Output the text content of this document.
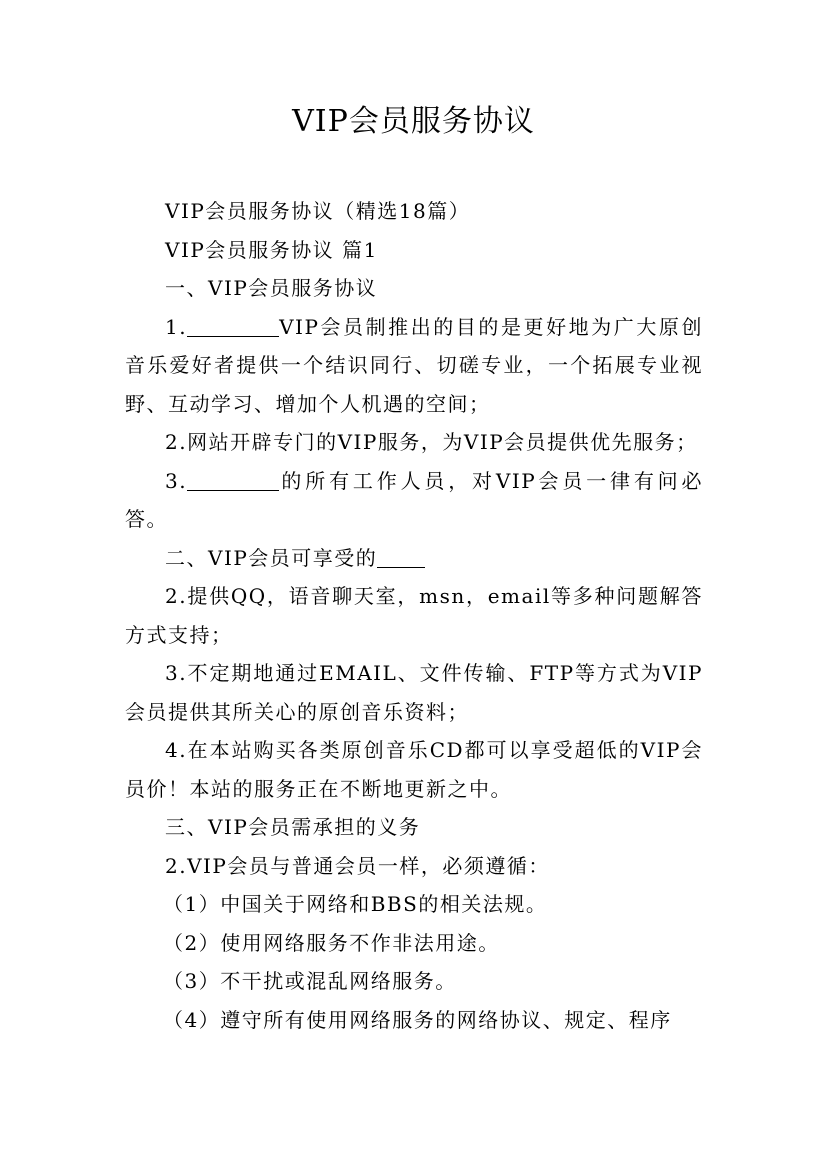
VIP会员服务协议

VIP会员服务协议（精选18篇）

VIP会员服务协议 篇1

一、VIP会员服务协议

1.	VIP会员制推出的目的是更好地为广大原创音乐爱好者提供一个结识同行、切磋专业，一个拓展专业视野、互动学习、增加个人机遇的空间；

2.网站开辟专门的VIP服务，为VIP会员提供优先服务；

3.	的所有工作人员，对VIP会员一律有问必答。

二、VIP会员可享受的

2.提供QQ，语音聊天室，msn，email等多种问题解答方式支持；

3.不定期地通过EMAIL、文件传输、FTP等方式为VIP会员提供其所关心的原创音乐资料；

4.在本站购买各类原创音乐CD都可以享受超低的VIP会员价！本站的服务正在不断地更新之中。

三、VIP会员需承担的义务

2.VIP会员与普通会员一样，必须遵循：

（1）中国关于网络和BBS的相关法规。

（2）使用网络服务不作非法用途。

（3）不干扰或混乱网络服务。

（4）遵守所有使用网络服务的网络协议、规定、程序
